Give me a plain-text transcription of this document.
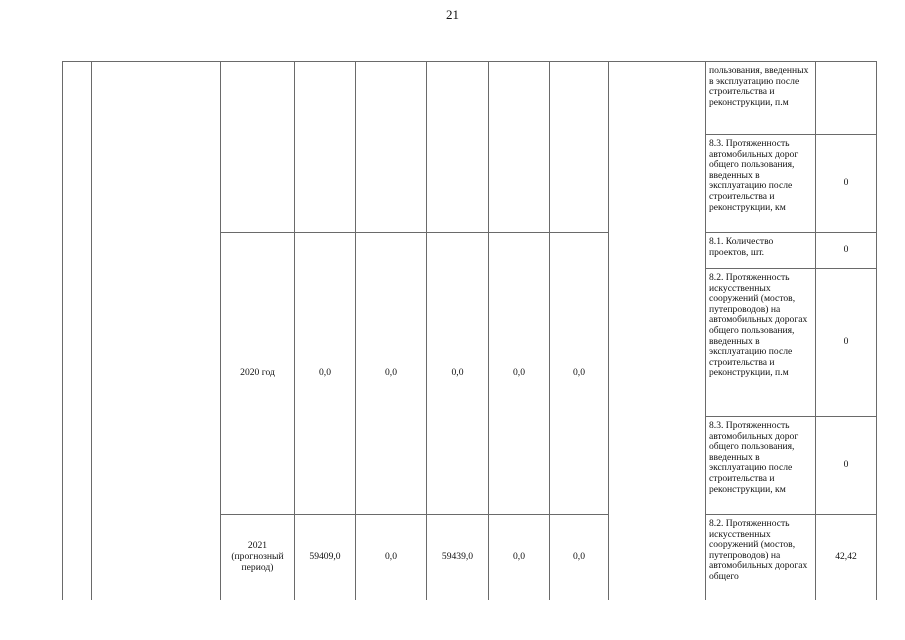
21
									пользования, введенных в эксплуатацию после строительства и реконструкции, п.м	
									8.3. Протяженность автомобильных дорог общего пользования, введенных в эксплуатацию после строительства и реконструкции, км	0
		2020 год	0,0	0,0	0,0	0,0	0,0		8.1. Количество проектов, шт.	0
									8.2. Протяженность искусственных сооружений (мостов, путепроводов) на автомобильных дорогах общего пользования, введенных в эксплуатацию после строительства и реконструкции, п.м	0
									8.3. Протяженность автомобильных дорог общего пользования, введенных в эксплуатацию после строительства и реконструкции, км	0
		2021 (прогнозный период)	59409,0	0,0	59439,0	0,0	0,0		8.2. Протяженность искусственных сооружений (мостов, путепроводов) на автомобильных дорогах общего	42,42
